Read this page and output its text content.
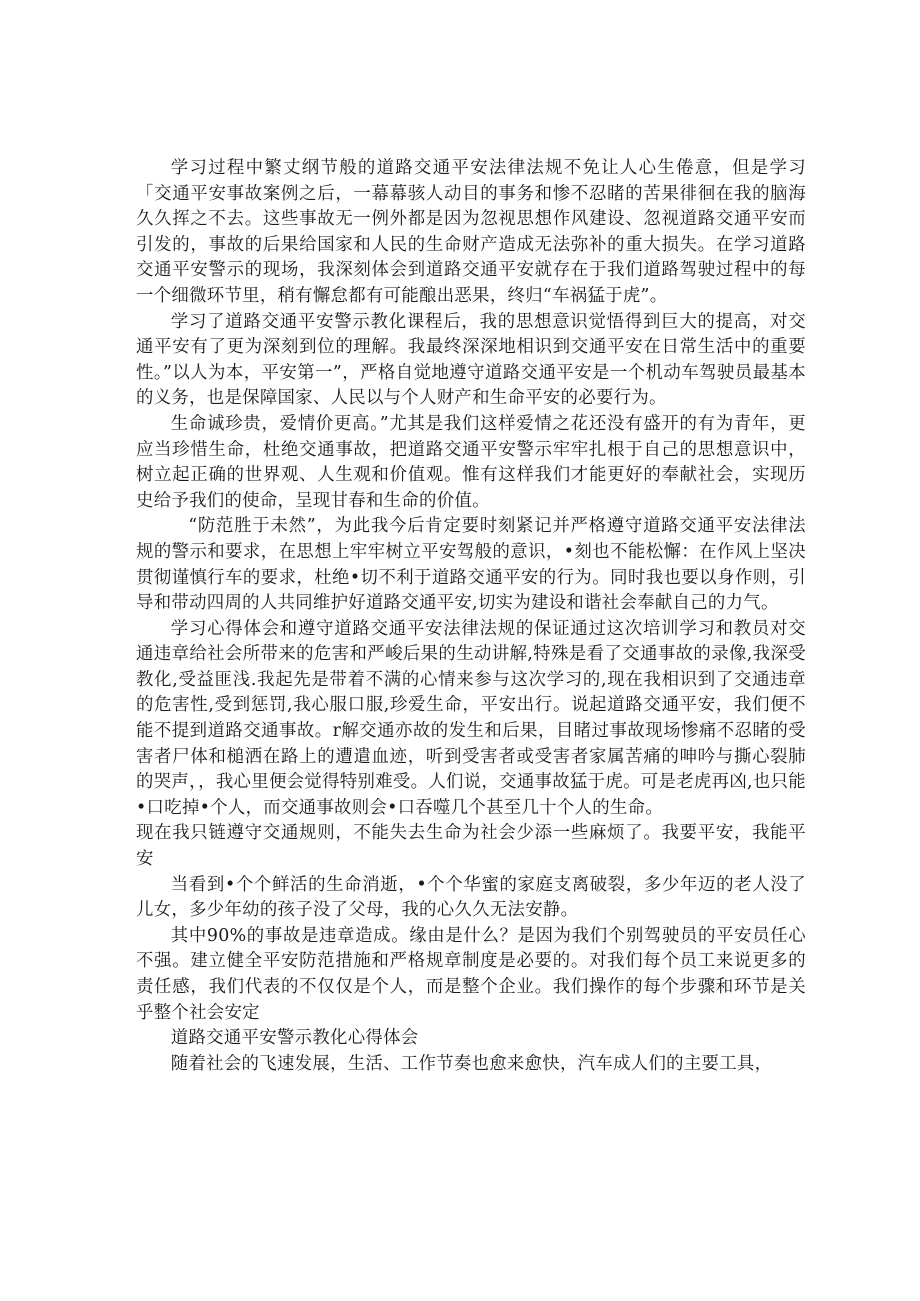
学习过程中繁丈纲节般的道路交通平安法律法规不免让人心生倦意，但是学习「交通平安事故案例之后，一幕幕骇人动目的事务和惨不忍睹的苦果徘徊在我的脑海久久挥之不去。这些事故无一例外都是因为忽视思想作风建设、忽视道路交通平安而引发的，事故的后果给国家和人民的生命财产造成无法弥补的重大损失。在学习道路交通平安警示的现场，我深刻体会到道路交通平安就存在于我们道路驾驶过程中的每一个细微环节里，稍有懈怠都有可能酿出恶果，终归“车祸猛于虎”。

学习了道路交通平安警示教化课程后，我的思想意识觉悟得到巨大的提高，对交通平安有了更为深刻到位的理解。我最终深深地相识到交通平安在日常生活中的重要性。”以人为本，平安第一”，严格自觉地遵守道路交通平安是一个机动车驾驶员最基本的义务，也是保障国家、人民以与个人财产和生命平安的必要行为。

生命诚珍贵，爱情价更高。”尤其是我们这样爱情之花还没有盛开的有为青年，更应当珍惜生命，杜绝交通事故，把道路交通平安警示牢牢扎根于自己的思想意识中，树立起正确的世界观、人生观和价值观。惟有这样我们才能更好的奉献社会，实现历史给予我们的使命，呈现甘春和生命的价值。

“防范胜于未然”，为此我今后肯定要时刻紧记并严格遵守道路交通平安法律法规的警示和要求，在思想上牢牢树立平安驾般的意识，•刻也不能松懈：在作风上坚决贯彻谨慎行车的要求，杜绝•切不利于道路交通平安的行为。同时我也要以身作则，引导和带动四周的人共同维护好道路交通平安,切实为建设和谐社会奉献自己的力气。

学习心得体会和遵守道路交通平安法律法规的保证通过这次培训学习和教员对交通违章给社会所带来的危害和严峻后果的生动讲解,特殊是看了交通事故的录像,我深受教化,受益匪浅.我起先是带着不满的心情来参与这次学习的,现在我相识到了交通违章的危害性,受到惩罚,我心服口服,珍爱生命，平安出行。说起道路交通平安，我们便不能不提到道路交通事故。r解交通亦故的发生和后果，目睹过事故现场惨痛不忍睹的受害者尸体和槌洒在路上的遭遣血迹，听到受害者或受害者家属苦痛的呻吟与撕心裂肺的哭声，，我心里便会觉得特别难受。人们说，交通事故猛于虎。可是老虎再凶,也只能•口吃掉•个人，而交通事故则会•口吞噬几个甚至几十个人的生命。

现在我只链遵守交通规则，不能失去生命为社会少添一些麻烦了。我要平安，我能平安

当看到•个个鲜活的生命消逝，•个个华蜜的家庭支离破裂，多少年迈的老人没了儿女，多少年幼的孩子没了父母，我的心久久无法安静。

其中90%的事故是违章造成。缘由是什么？是因为我们个别驾驶员的平安员任心不强。建立健全平安防范措施和严格规章制度是必要的。对我们每个员工来说更多的责任感，我们代表的不仅仅是个人，而是整个企业。我们操作的每个步骤和环节是关乎整个社会安定

道路交通平安警示教化心得体会

随着社会的飞速发展，生活、工作节奏也愈来愈快，汽车成人们的主要工具，
